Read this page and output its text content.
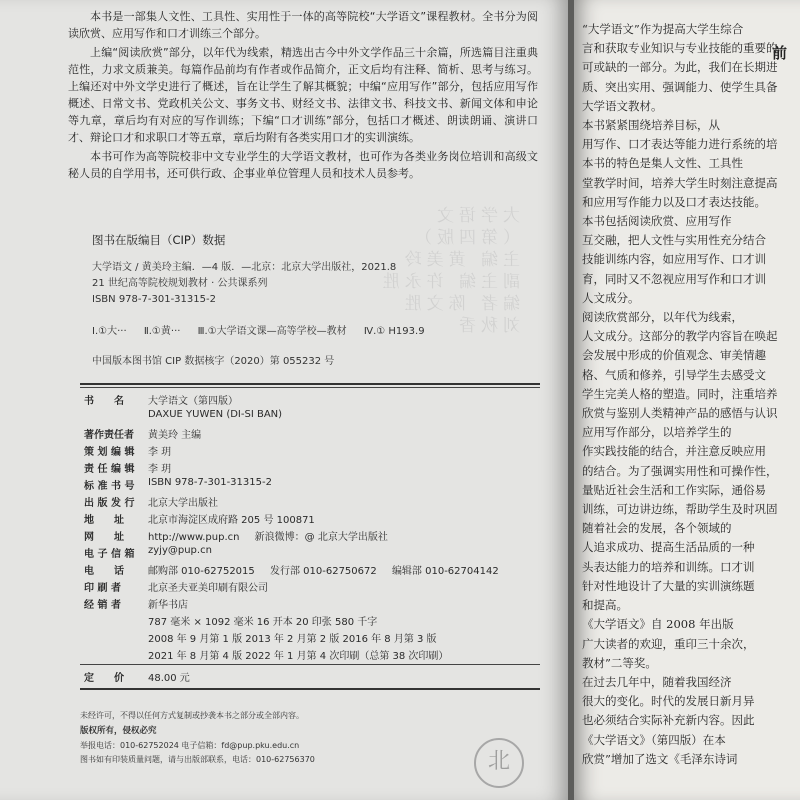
大学语文
（第四版）
主编 黄美玲
副主编 许永胜
编者 陈文胜
刘秋香

本书是一部集人文性、工具性、实用性于一体的高等院校“大学语文”课程教材。全书分为阅读欣赏、应用写作和口才训练三个部分。

上编“阅读欣赏”部分，以年代为线索，精选出古今中外文学作品三十余篇，所选篇目注重典范性，力求文质兼美。每篇作品前均有作者或作品简介，正文后均有注释、简析、思考与练习。上编还对中外文学史进行了概述，旨在让学生了解其概貌；中编“应用写作”部分，包括应用写作概述、日常文书、党政机关公文、事务文书、财经文书、法律文书、科技文书、新闻文体和申论等九章，章后均有对应的写作训练；下编“口才训练”部分，包括口才概述、朗读朗诵、演讲口才、辩论口才和求职口才等五章，章后均附有各类实用口才的实训演练。

本书可作为高等院校非中文专业学生的大学语文教材，也可作为各类业务岗位培训和高级文秘人员的自学用书，还可供行政、企事业单位管理人员和技术人员参考。

图书在版编目（CIP）数据
大学语文 / 黄美玲主编．—4 版．—北京：北京大学出版社，2021.8
21 世纪高等院校规划教材 · 公共课系列
ISBN 978-7-301-31315-2
Ⅰ.①大··· Ⅱ.①黄··· Ⅲ.①大学语文课—高等学校—教材 Ⅳ.① H193.9
中国版本图书馆 CIP 数据核字（2020）第 055232 号
书　　名	大学语文（第四版）
DAXUE YUWEN (DI-SI BAN)
著作责任者	黄美玲 主编
策 划 编 辑	李 玥
责 任 编 辑	李 玥
标 准 书 号	ISBN 978-7-301-31315-2
出 版 发 行	北京大学出版社
地　　址	北京市海淀区成府路 205 号 100871
网　　址	http://www.pup.cn 新浪微博：@ 北京大学出版社
电 子 信 箱	zyjy@pup.cn
电　　话	邮购部 010-62752015 发行部 010-62750672 编辑部 010-62704142
印 刷 者	北京圣夫亚美印刷有限公司
经 销 者	新华书店
787 毫米 × 1092 毫米 16 开本 20 印张 580 千字
2008 年 9 月第 1 版 2013 年 2 月第 2 版 2016 年 8 月第 3 版
2021 年 8 月第 4 版 2022 年 1 月第 4 次印刷（总第 38 次印刷）
定　　价	48.00 元
未经许可，不得以任何方式复制或抄袭本书之部分或全部内容。
版权所有，侵权必究
举报电话：010-62752024 电子信箱：fd@pup.pku.edu.cn
图书如有印装质量问题，请与出版部联系，电话：010-62756370	北
前
“大学语文”作为提高大学生综合
言和获取专业知识与专业技能的重要的
可或缺的一部分。为此，我们在长期进
质、突出实用、强调能力、使学生具备
大学语文教材。
本书紧紧围绕培养目标，从
用写作、口才表达等能力进行系统的培
本书的特色是集人文性、工具性
堂教学时间，培养大学生时刻注意提高
和应用写作能力以及口才表达技能。
本书包括阅读欣赏、应用写作
互交融，把人文性与实用性充分结合
技能训练内容，如应用写作、口才训
育，同时又不忽视应用写作和口才训
人文成分。
阅读欣赏部分，以年代为线索，
人文成分。这部分的教学内容旨在唤起
会发展中形成的价值观念、审美情趣
格、气质和修养，引导学生去感受文
学生完美人格的塑造。同时，注重培养
欣赏与鉴别人类精神产品的感悟与认识
应用写作部分，以培养学生的
作实践技能的结合，并注意反映应用
的结合。为了强调实用性和可操作性，
量贴近社会生活和工作实际，通俗易
训练，可边讲边练，帮助学生及时巩固
随着社会的发展，各个领域的
人追求成功、提高生活品质的一种
头表达能力的培养和训练。口才训
针对性地设计了大量的实训演练题
和提高。
《大学语文》自 2008 年出版
广大读者的欢迎，重印三十余次，
教材”二等奖。
在过去几年中，随着我国经济
很大的变化。时代的发展日新月异
也必须结合实际补充新内容。因此
《大学语文》（第四版）在本
欣赏”增加了选文《毛泽东诗词
